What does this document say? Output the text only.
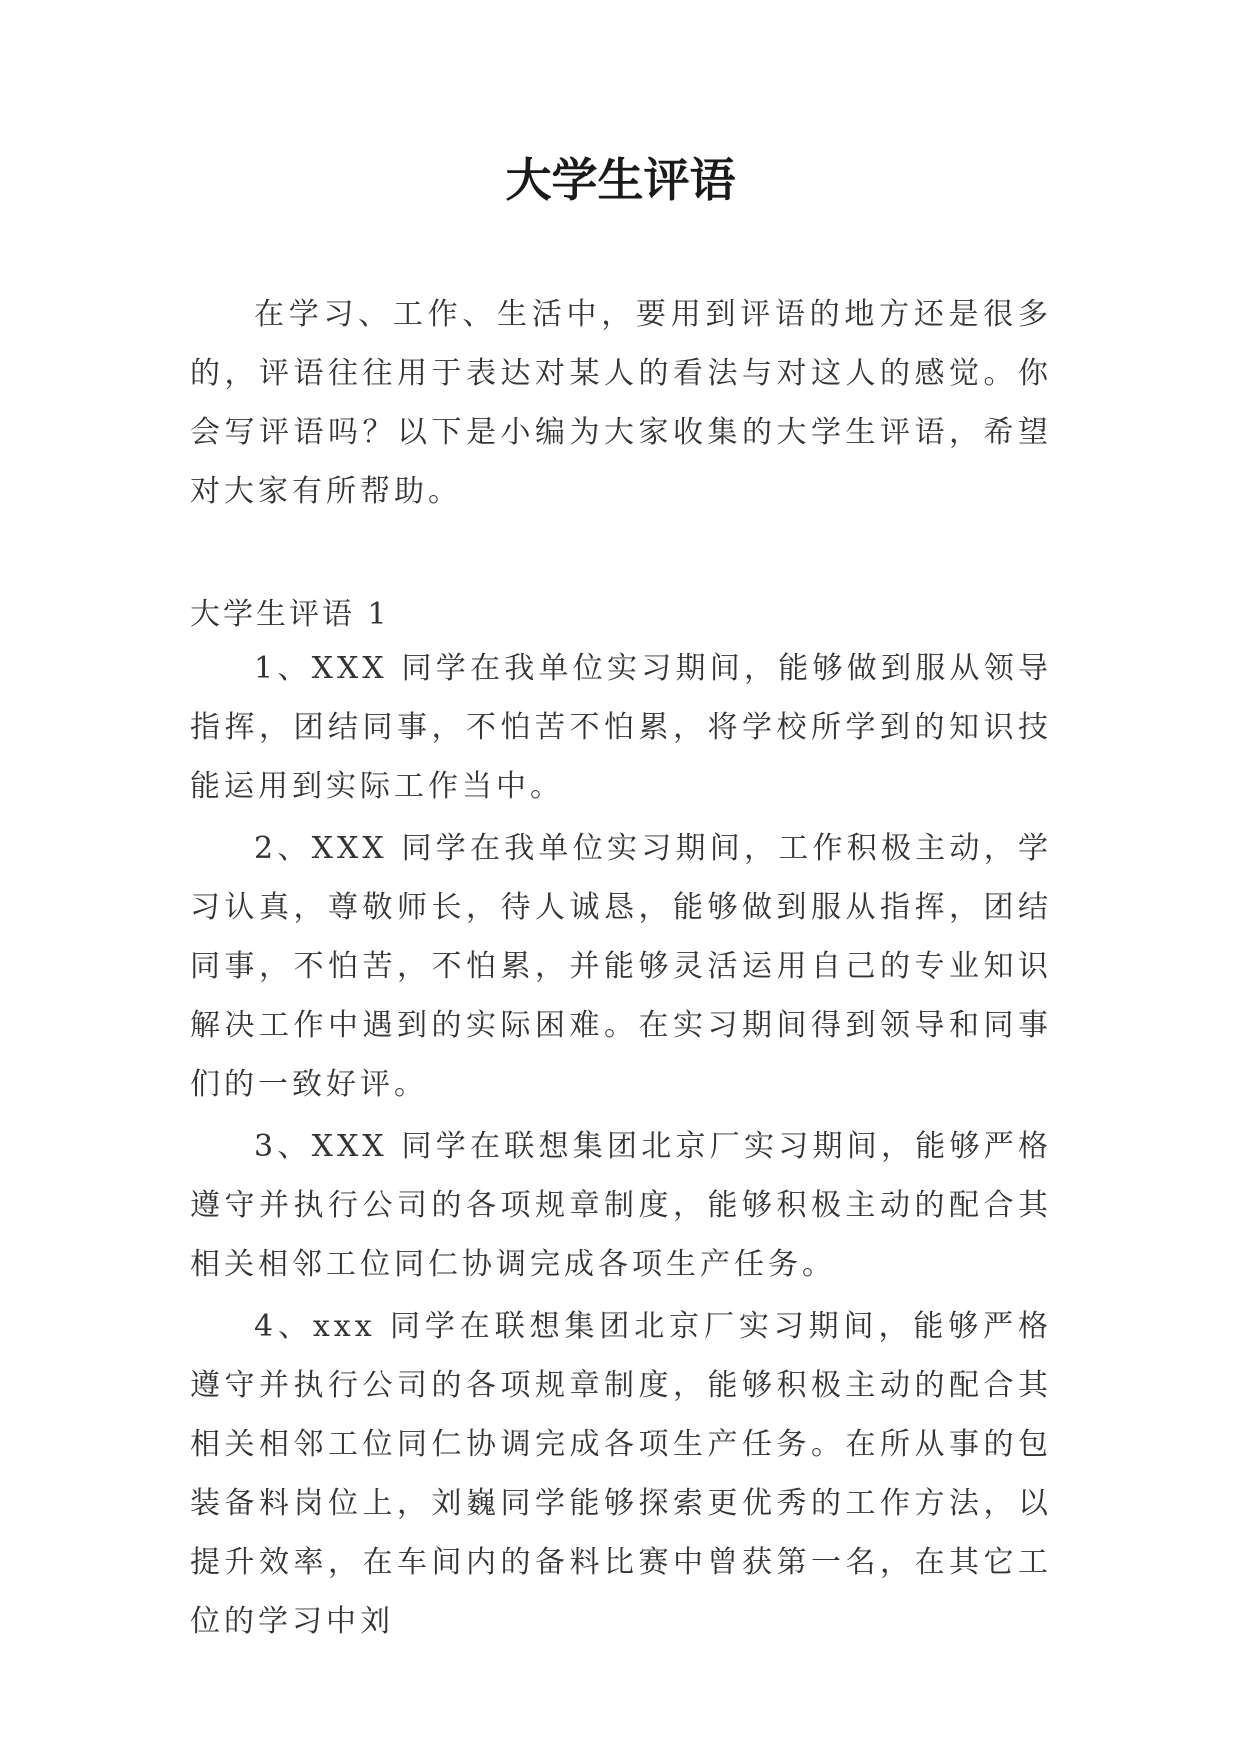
大学生评语

在学习、工作、生活中，要用到评语的地方还是很多的，评语往往用于表达对某人的看法与对这人的感觉。你会写评语吗？以下是小编为大家收集的大学生评语，希望对大家有所帮助。

大学生评语 1

1、XXX 同学在我单位实习期间，能够做到服从领导指挥，团结同事，不怕苦不怕累，将学校所学到的知识技能运用到实际工作当中。

2、XXX 同学在我单位实习期间，工作积极主动，学习认真，尊敬师长，待人诚恳，能够做到服从指挥，团结同事，不怕苦，不怕累，并能够灵活运用自己的专业知识解决工作中遇到的实际困难。在实习期间得到领导和同事们的一致好评。

3、XXX 同学在联想集团北京厂实习期间，能够严格遵守并执行公司的各项规章制度，能够积极主动的配合其相关相邻工位同仁协调完成各项生产任务。

4、xxx 同学在联想集团北京厂实习期间，能够严格遵守并执行公司的各项规章制度，能够积极主动的配合其相关相邻工位同仁协调完成各项生产任务。在所从事的包装备料岗位上，刘巍同学能够探索更优秀的工作方法，以提升效率，在车间内的备料比赛中曾获第一名，在其它工位的学习中刘
